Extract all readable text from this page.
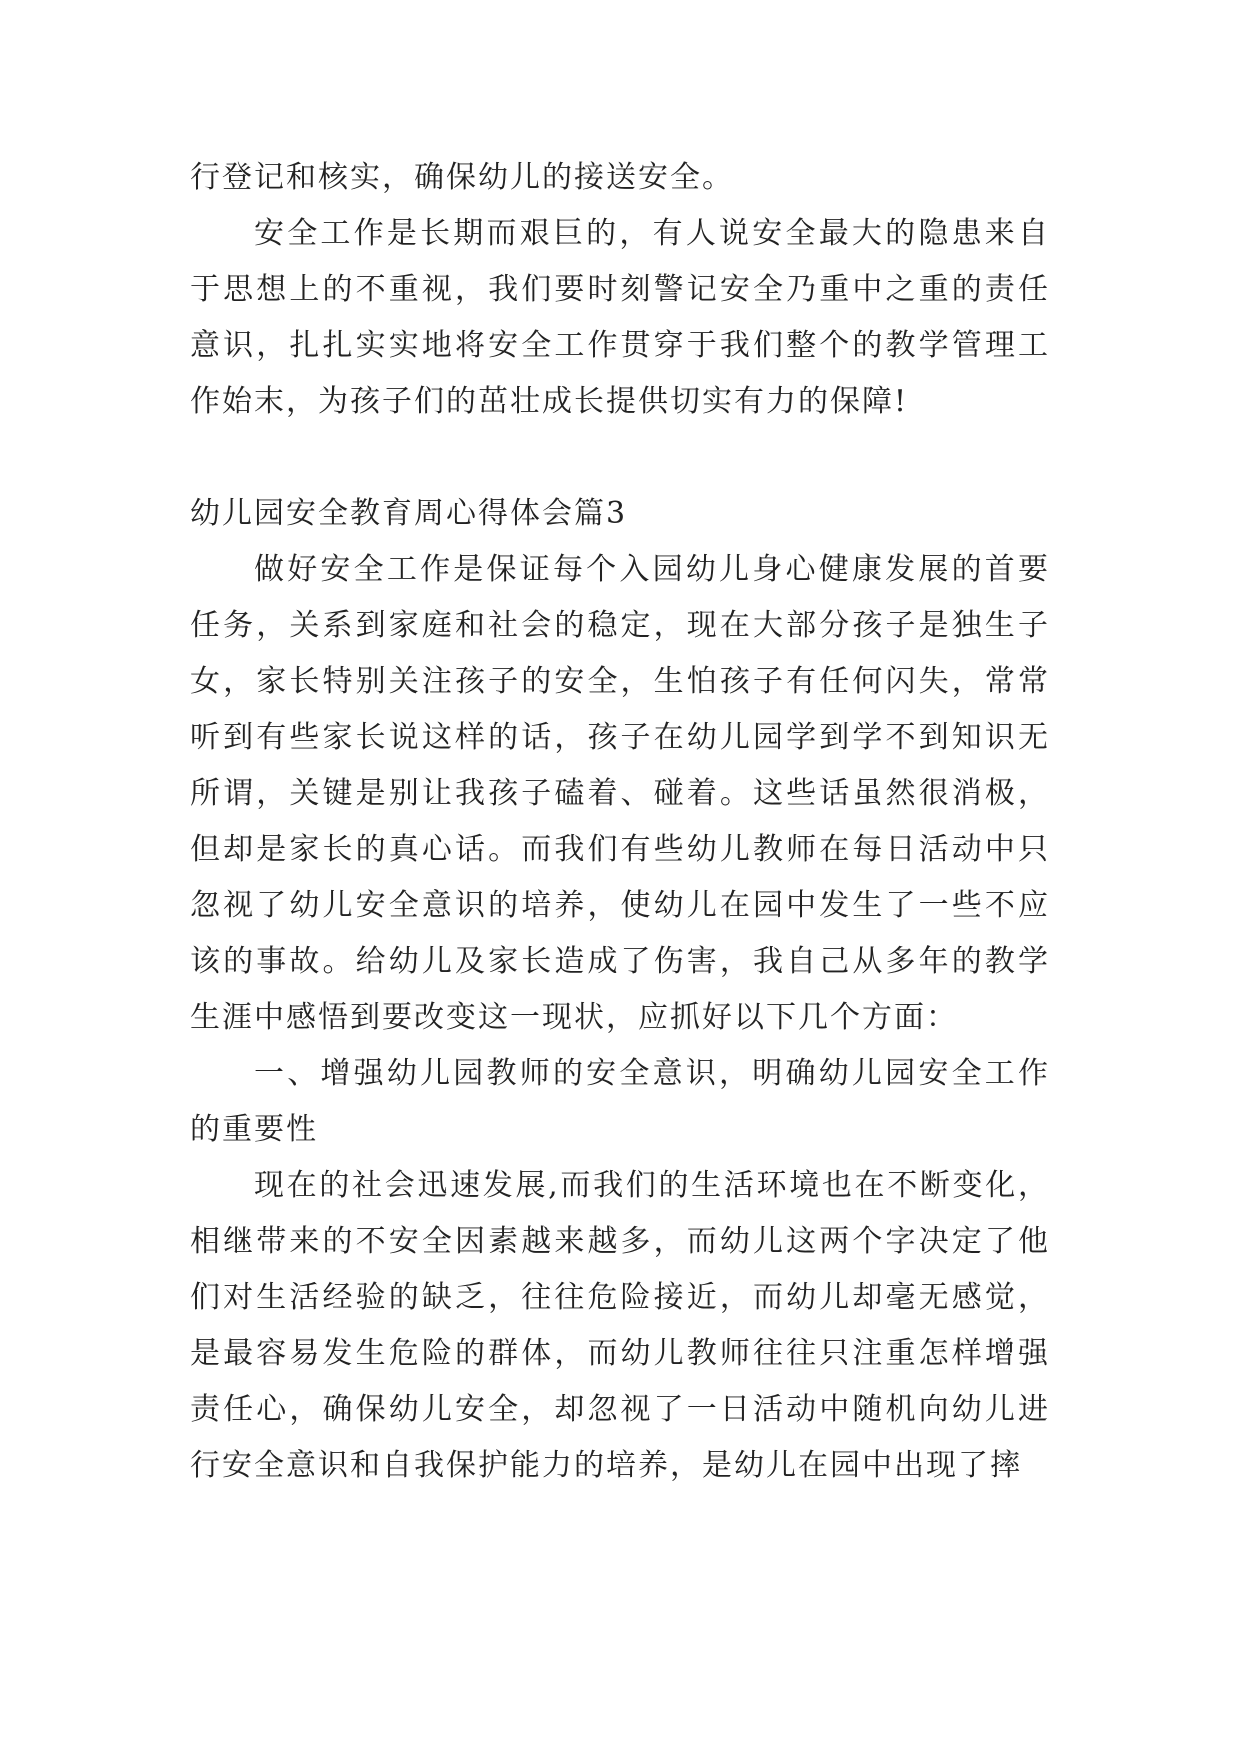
行登记和核实，确保幼儿的接送安全。

安全工作是长期而艰巨的，有人说安全最大的隐患来自于思想上的不重视，我们要时刻警记安全乃重中之重的责任意识，扎扎实实地将安全工作贯穿于我们整个的教学管理工作始末，为孩子们的茁壮成长提供切实有力的保障!

幼儿园安全教育周心得体会篇3

做好安全工作是保证每个入园幼儿身心健康发展的首要任务，关系到家庭和社会的稳定，现在大部分孩子是独生子女，家长特别关注孩子的安全，生怕孩子有任何闪失，常常听到有些家长说这样的话，孩子在幼儿园学到学不到知识无所谓，关键是别让我孩子磕着、碰着。这些话虽然很消极，但却是家长的真心话。而我们有些幼儿教师在每日活动中只忽视了幼儿安全意识的培养，使幼儿在园中发生了一些不应该的事故。给幼儿及家长造成了伤害，我自己从多年的教学生涯中感悟到要改变这一现状，应抓好以下几个方面：

一、增强幼儿园教师的安全意识，明确幼儿园安全工作的重要性

现在的社会迅速发展,而我们的生活环境也在不断变化，相继带来的不安全因素越来越多，而幼儿这两个字决定了他们对生活经验的缺乏，往往危险接近，而幼儿却毫无感觉，是最容易发生危险的群体，而幼儿教师往往只注重怎样增强责任心，确保幼儿安全，却忽视了一日活动中随机向幼儿进行安全意识和自我保护能力的培养，是幼儿在园中出现了摔
